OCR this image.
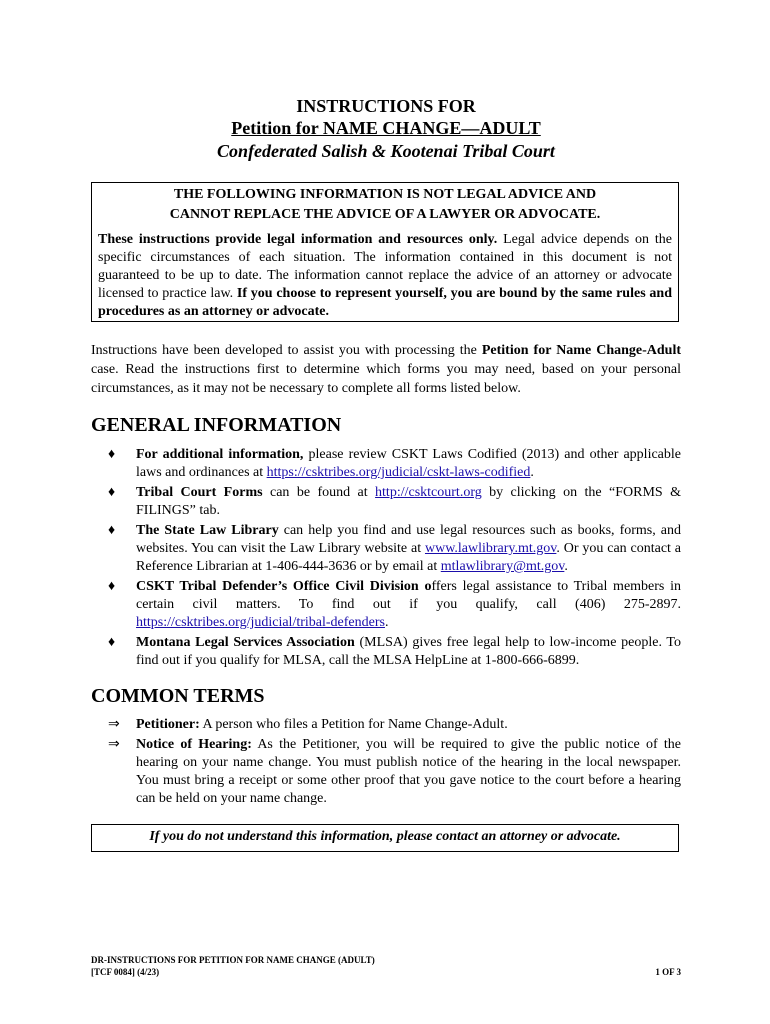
INSTRUCTIONS FOR
Petition for NAME CHANGE—ADULT
Confederated Salish & Kootenai Tribal Court
THE FOLLOWING INFORMATION IS NOT LEGAL ADVICE AND
CANNOT REPLACE THE ADVICE OF A LAWYER OR ADVOCATE.
These instructions provide legal information and resources only. Legal advice depends on the specific circumstances of each situation. The information contained in this document is not guaranteed to be up to date. The information cannot replace the advice of an attorney or advocate licensed to practice law. If you choose to represent yourself, you are bound by the same rules and procedures as an attorney or advocate.
Instructions have been developed to assist you with processing the Petition for Name Change-Adult case. Read the instructions first to determine which forms you may need, based on your personal circumstances, as it may not be necessary to complete all forms listed below.
GENERAL INFORMATION
♦	For additional information, please review CSKT Laws Codified (2013) and other applicable laws and ordinances at https://csktribes.org/judicial/cskt-laws-codified.
♦	Tribal Court Forms can be found at http://csktcourt.org by clicking on the “FORMS & FILINGS” tab.
♦	The State Law Library can help you find and use legal resources such as books, forms, and websites. You can visit the Law Library website at www.lawlibrary.mt.gov. Or you can contact a Reference Librarian at 1-406-444-3636 or by email at mtlawlibrary@mt.gov.
♦	CSKT Tribal Defender’s Office Civil Division offers legal assistance to Tribal members in certain civil matters. To find out if you qualify, call (406) 275-2897. https://csktribes.org/judicial/tribal-defenders.
♦	Montana Legal Services Association (MLSA) gives free legal help to low-income people. To find out if you qualify for MLSA, call the MLSA HelpLine at 1-800-666-6899.
COMMON TERMS
⇒	Petitioner: A person who files a Petition for Name Change-Adult.
⇒	Notice of Hearing: As the Petitioner, you will be required to give the public notice of the hearing on your name change. You must publish notice of the hearing in the local newspaper. You must bring a receipt or some other proof that you gave notice to the court before a hearing can be held on your name change.
If you do not understand this information, please contact an attorney or advocate.
DR-INSTRUCTIONS FOR PETITION FOR NAME CHANGE (ADULT)
[TCF 0084] (4/23)	1 OF 3
